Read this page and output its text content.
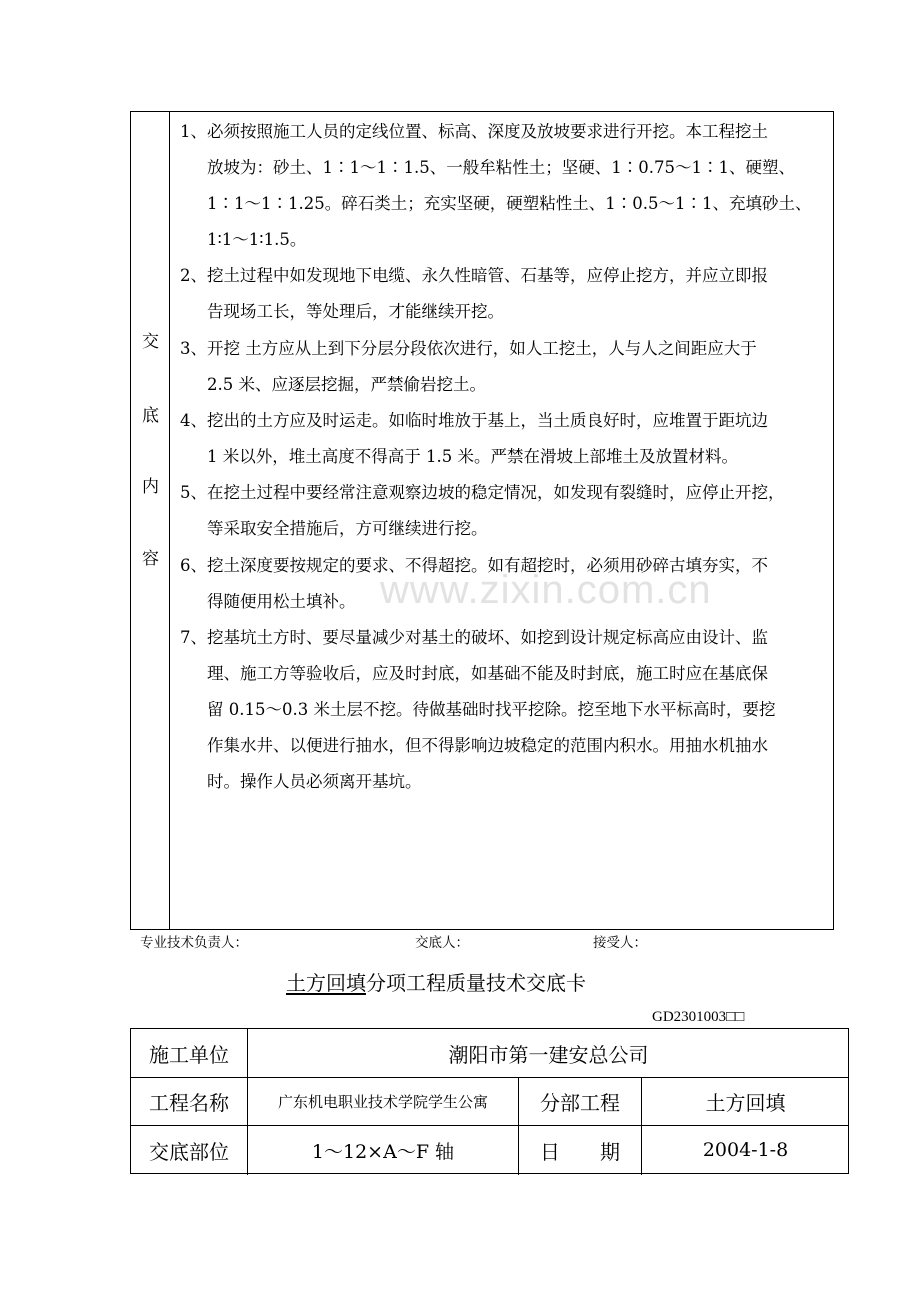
www.zixin.com.cn
交
底
内
容
1、 必须按照施工人员的定线位置、标高、深度及放坡要求进行开挖。本工程挖土
放坡为：砂土、1∶1～1∶1.5、一般牟粘性土；坚硬、1∶0.75～1∶1、硬塑、
1∶1～1∶1.25。碎石类土；充实坚硬，硬塑粘性土、1∶0.5～1∶1、充填砂土、
1∶1～1∶1.5。
2、 挖土过程中如发现地下电缆、永久性暗管、石基等，应停止挖方，并应立即报
告现场工长，等处理后，才能继续开挖。
3、 开挖 土方应从上到下分层分段依次进行，如人工挖土，人与人之间距应大于
2.5 米、应逐层挖掘，严禁偷岩挖土。
4、 挖出的土方应及时运走。如临时堆放于基上，当土质良好时，应堆置于距坑边
1 米以外，堆土高度不得高于 1.5 米。严禁在滑坡上部堆土及放置材料。
5、 在挖土过程中要经常注意观察边坡的稳定情况，如发现有裂缝时，应停止开挖，
等采取安全措施后，方可继续进行挖。
6、 挖土深度要按规定的要求、不得超挖。如有超挖时，必须用砂碎古填夯实，不
得随便用松土填补。
7、 挖基坑土方时、要尽量减少对基土的破坏、如挖到设计规定标高应由设计、监
理、施工方等验收后，应及时封底，如基础不能及时封底，施工时应在基底保
留 0.15～0.3 米土层不挖。待做基础时找平挖除。挖至地下水平标高时，要挖
作集水井、以便进行抽水，但不得影响边坡稳定的范围内积水。用抽水机抽水
时。操作人员必须离开基坑。
专业技术负责人：	交底人：	接受人：
土方回填分项工程质量技术交底卡
GD2301003□□
施工单位	潮阳市第一建安总公司
工程名称	广东机电职业技术学院学生公寓	分部工程	土方回填
交底部位	1～12×A～F 轴	日　　期	2004-1-8
